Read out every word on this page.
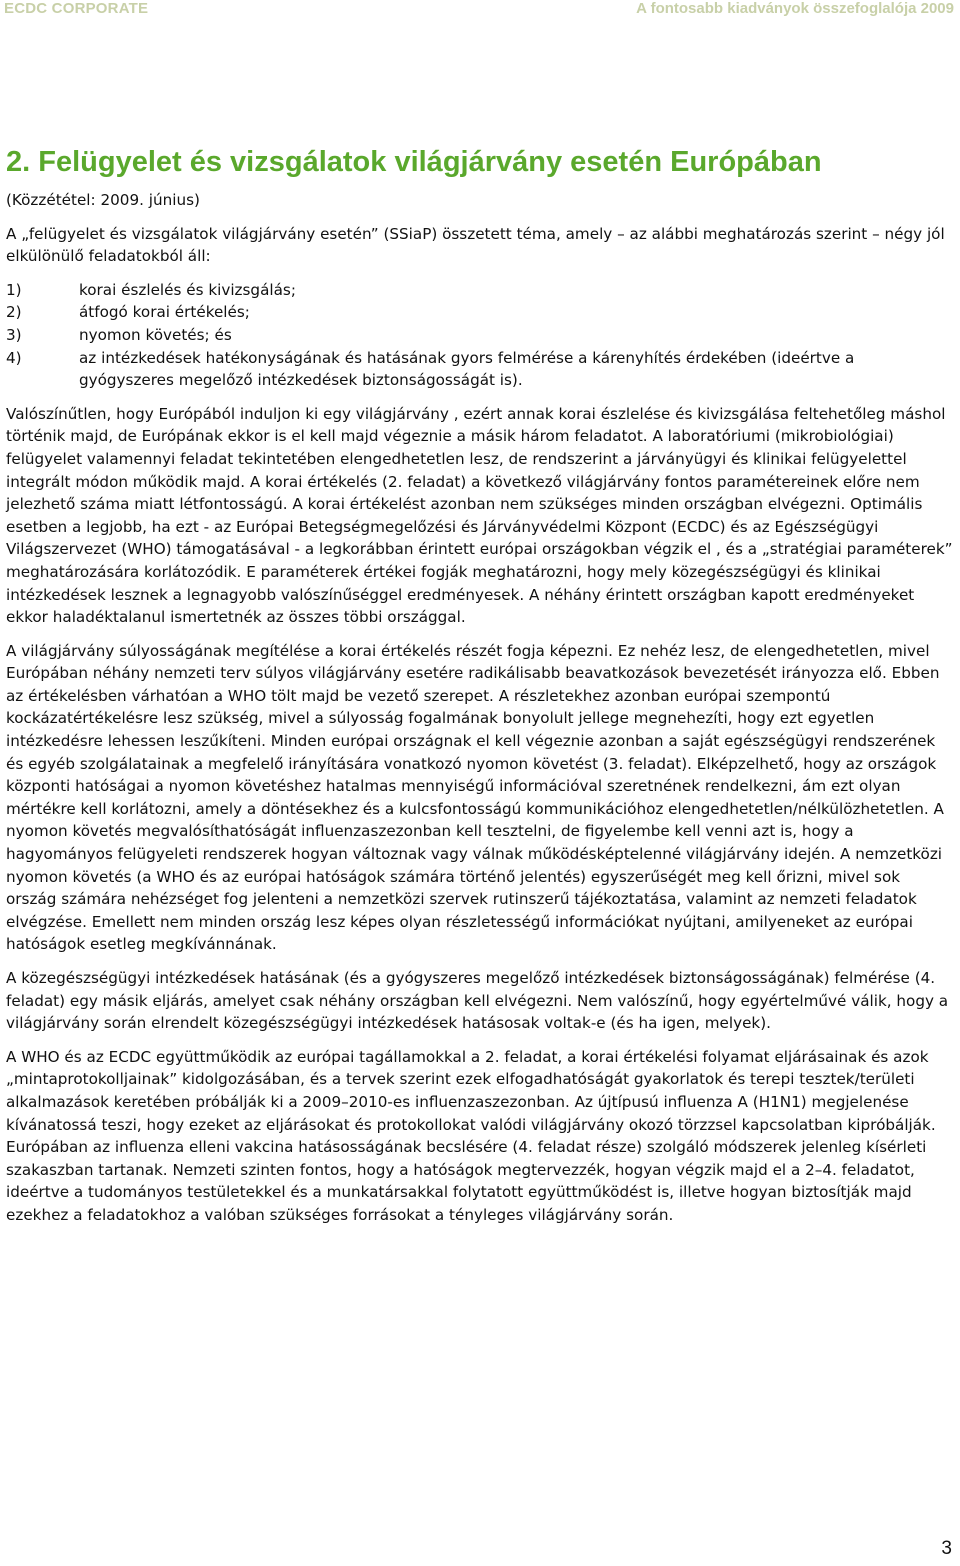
ECDC CORPORATE	A fontosabb kiadványok összefoglalója 2009
2. Felügyelet és vizsgálatok világjárvány esetén Európában

(Közzététel: 2009. június)

A „felügyelet és vizsgálatok világjárvány esetén” (SSiaP) összetett téma, amely – az alábbi meghatározás szerint – négy jól elkülönülő feladatokból áll:

1)	korai észlelés és kivizsgálás;
2)	átfogó korai értékelés;
3)	nyomon követés; és
4)	az intézkedések hatékonyságának és hatásának gyors felmérése a kárenyhítés érdekében (ideértve a gyógyszeres megelőző intézkedések biztonságosságát is).

Valószínűtlen, hogy Európából induljon ki egy világjárvány , ezért annak korai észlelése és kivizsgálása feltehetőleg máshol történik majd, de Európának ekkor is el kell majd végeznie a másik három feladatot. A laboratóriumi (mikrobiológiai) felügyelet valamennyi feladat tekintetében elengedhetetlen lesz, de rendszerint a járványügyi és klinikai felügyelettel integrált módon működik majd. A korai értékelés (2. feladat) a következő világjárvány fontos paramétereinek előre nem jelezhető száma miatt létfontosságú. A korai értékelést azonban nem szükséges minden országban elvégezni. Optimális esetben a legjobb, ha ezt - az Európai Betegségmegelőzési és Járványvédelmi Központ (ECDC) és az Egészségügyi Világszervezet (WHO) támogatásával - a legkorábban érintett európai országokban végzik el , és a „stratégiai paraméterek” meghatározására korlátozódik. E paraméterek értékei fogják meghatározni, hogy mely közegészségügyi és klinikai intézkedések lesznek a legnagyobb valószínűséggel eredményesek. A néhány érintett országban kapott eredményeket ekkor haladéktalanul ismertetnék az összes többi országgal.

A világjárvány súlyosságának megítélése a korai értékelés részét fogja képezni. Ez nehéz lesz, de elengedhetetlen, mivel Európában néhány nemzeti terv súlyos világjárvány esetére radikálisabb beavatkozások bevezetését irányozza elő. Ebben az értékelésben várhatóan a WHO tölt majd be vezető szerepet. A részletekhez azonban európai szempontú kockázatértékelésre lesz szükség, mivel a súlyosság fogalmának bonyolult jellege megnehezíti, hogy ezt egyetlen intézkedésre lehessen leszűkíteni. Minden európai országnak el kell végeznie azonban a saját egészségügyi rendszerének és egyéb szolgálatainak a megfelelő irányítására vonatkozó nyomon követést (3. feladat). Elképzelhető, hogy az országok központi hatóságai a nyomon követéshez hatalmas mennyiségű információval szeretnének rendelkezni, ám ezt olyan mértékre kell korlátozni, amely a döntésekhez és a kulcsfontosságú kommunikációhoz elengedhetetlen/nélkülözhetetlen. A nyomon követés megvalósíthatóságát influenzaszezonban kell tesztelni, de figyelembe kell venni azt is, hogy a hagyományos felügyeleti rendszerek hogyan változnak vagy válnak működésképtelenné világjárvány idején. A nemzetközi nyomon követés (a WHO és az európai hatóságok számára történő jelentés) egyszerűségét meg kell őrizni, mivel sok ország számára nehézséget fog jelenteni a nemzetközi szervek rutinszerű tájékoztatása, valamint az nemzeti feladatok elvégzése. Emellett nem minden ország lesz képes olyan részletességű információkat nyújtani, amilyeneket az európai hatóságok esetleg megkívánnának.

A közegészségügyi intézkedések hatásának (és a gyógyszeres megelőző intézkedések biztonságosságának) felmérése (4. feladat) egy másik eljárás, amelyet csak néhány országban kell elvégezni. Nem valószínű, hogy egyértelművé válik, hogy a világjárvány során elrendelt közegészségügyi intézkedések hatásosak voltak-e (és ha igen, melyek).

A WHO és az ECDC együttműködik az európai tagállamokkal a 2. feladat, a korai értékelési folyamat eljárásainak és azok „mintaprotokolljainak” kidolgozásában, és a tervek szerint ezek elfogadhatóságát gyakorlatok és terepi tesztek/területi alkalmazások keretében próbálják ki a 2009–2010-es influenzaszezonban. Az újtípusú influenza A (H1N1) megjelenése kívánatossá teszi, hogy ezeket az eljárásokat és protokollokat valódi világjárvány okozó törzzsel kapcsolatban kipróbálják. Európában az influenza elleni vakcina hatásosságának becslésére (4. feladat része) szolgáló módszerek jelenleg kísérleti szakaszban tartanak. Nemzeti szinten fontos, hogy a hatóságok megtervezzék, hogyan végzik majd el a 2–4. feladatot, ideértve a tudományos testületekkel és a munkatársakkal folytatott együttműködést is, illetve hogyan biztosítják majd ezekhez a feladatokhoz a valóban szükséges forrásokat a tényleges világjárvány során.

3
